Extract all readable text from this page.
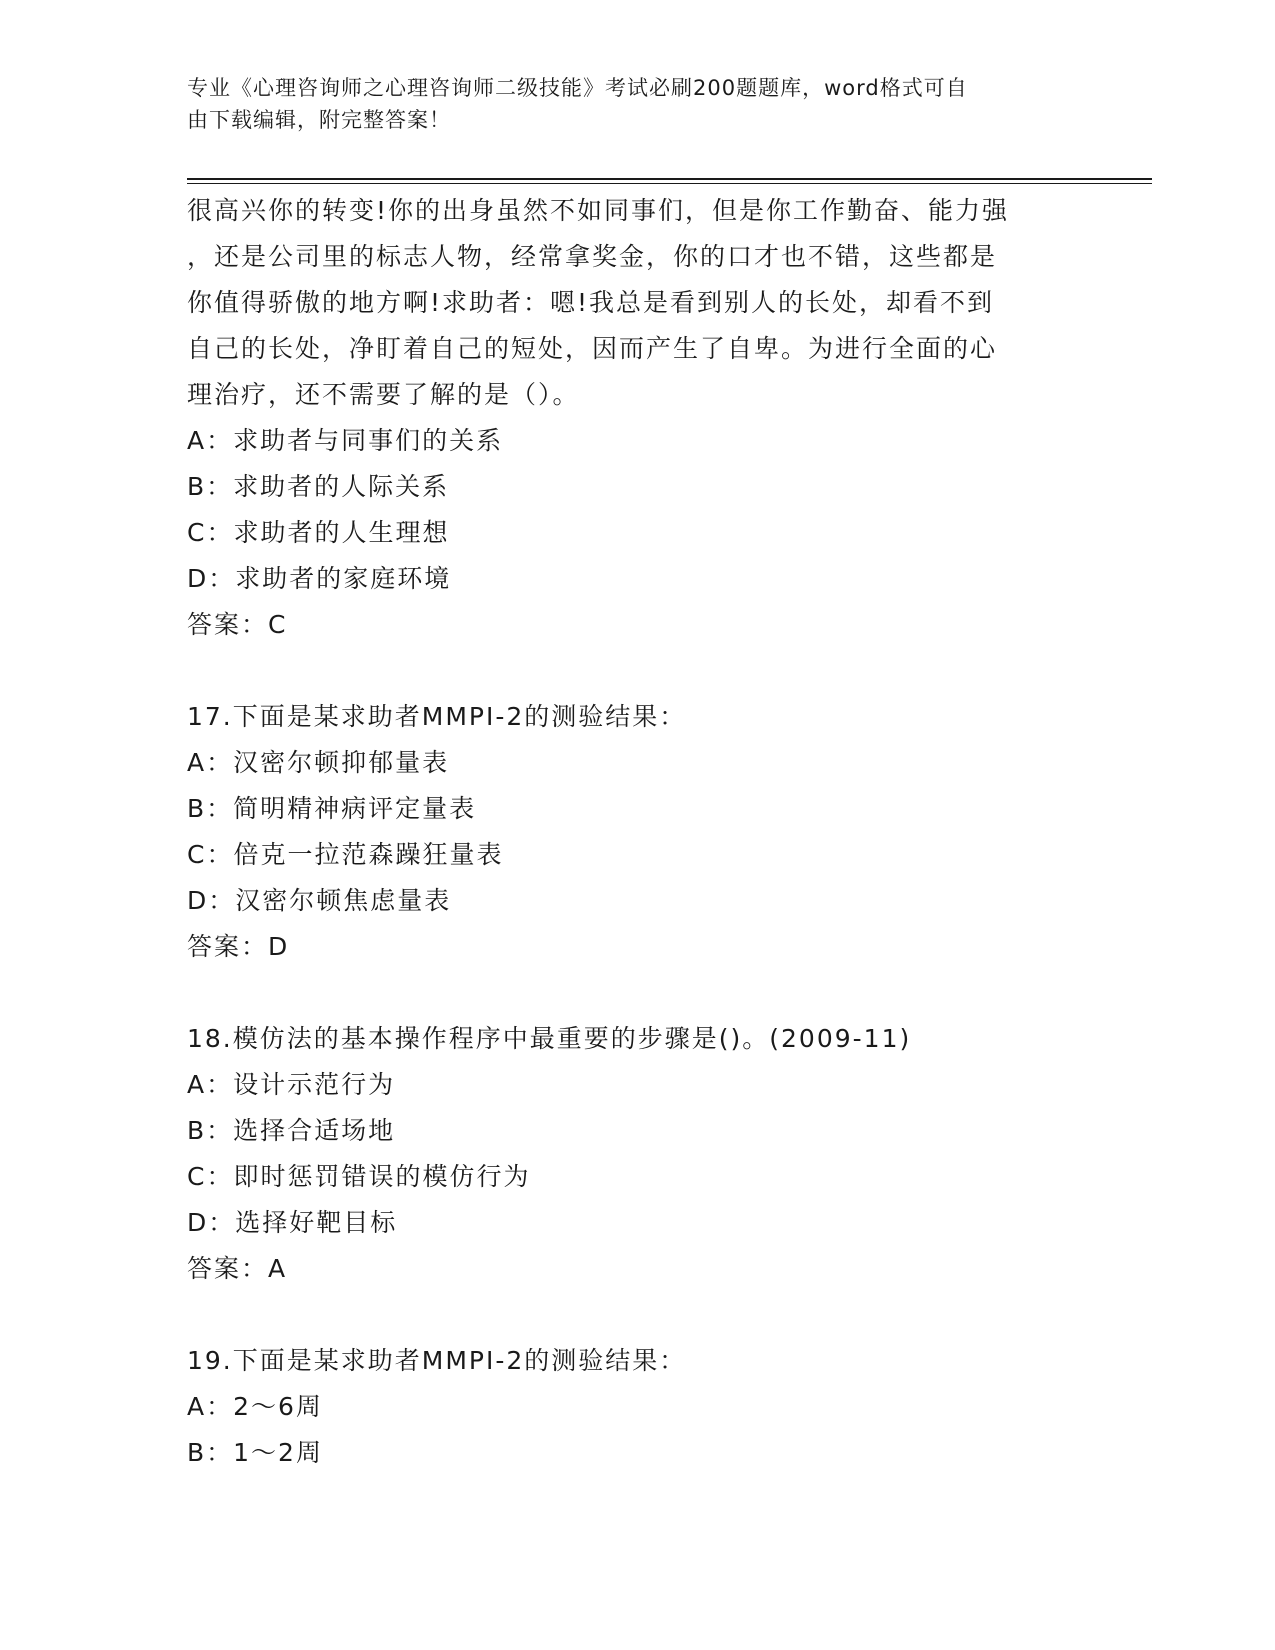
专业《心理咨询师之心理咨询师二级技能》考试必刷200题题库，word格式可自
由下载编辑，附完整答案！
很高兴你的转变!你的出身虽然不如同事们，但是你工作勤奋、能力强
，还是公司里的标志人物，经常拿奖金，你的口才也不错，这些都是
你值得骄傲的地方啊!求助者：嗯!我总是看到别人的长处，却看不到
自己的长处，净盯着自己的短处，因而产生了自卑。为进行全面的心
理治疗，还不需要了解的是（）。
A：求助者与同事们的关系
B：求助者的人际关系
C：求助者的人生理想
D：求助者的家庭环境
答案：C
17.下面是某求助者MMPI-2的测验结果：
A：汉密尔顿抑郁量表
B：简明精神病评定量表
C：倍克一拉范森躁狂量表
D：汉密尔顿焦虑量表
答案：D
18.模仿法的基本操作程序中最重要的步骤是()。(2009-11)
A：设计示范行为
B：选择合适场地
C：即时惩罚错误的模仿行为
D：选择好靶目标
答案：A
19.下面是某求助者MMPI-2的测验结果：
A：2～6周
B：1～2周
